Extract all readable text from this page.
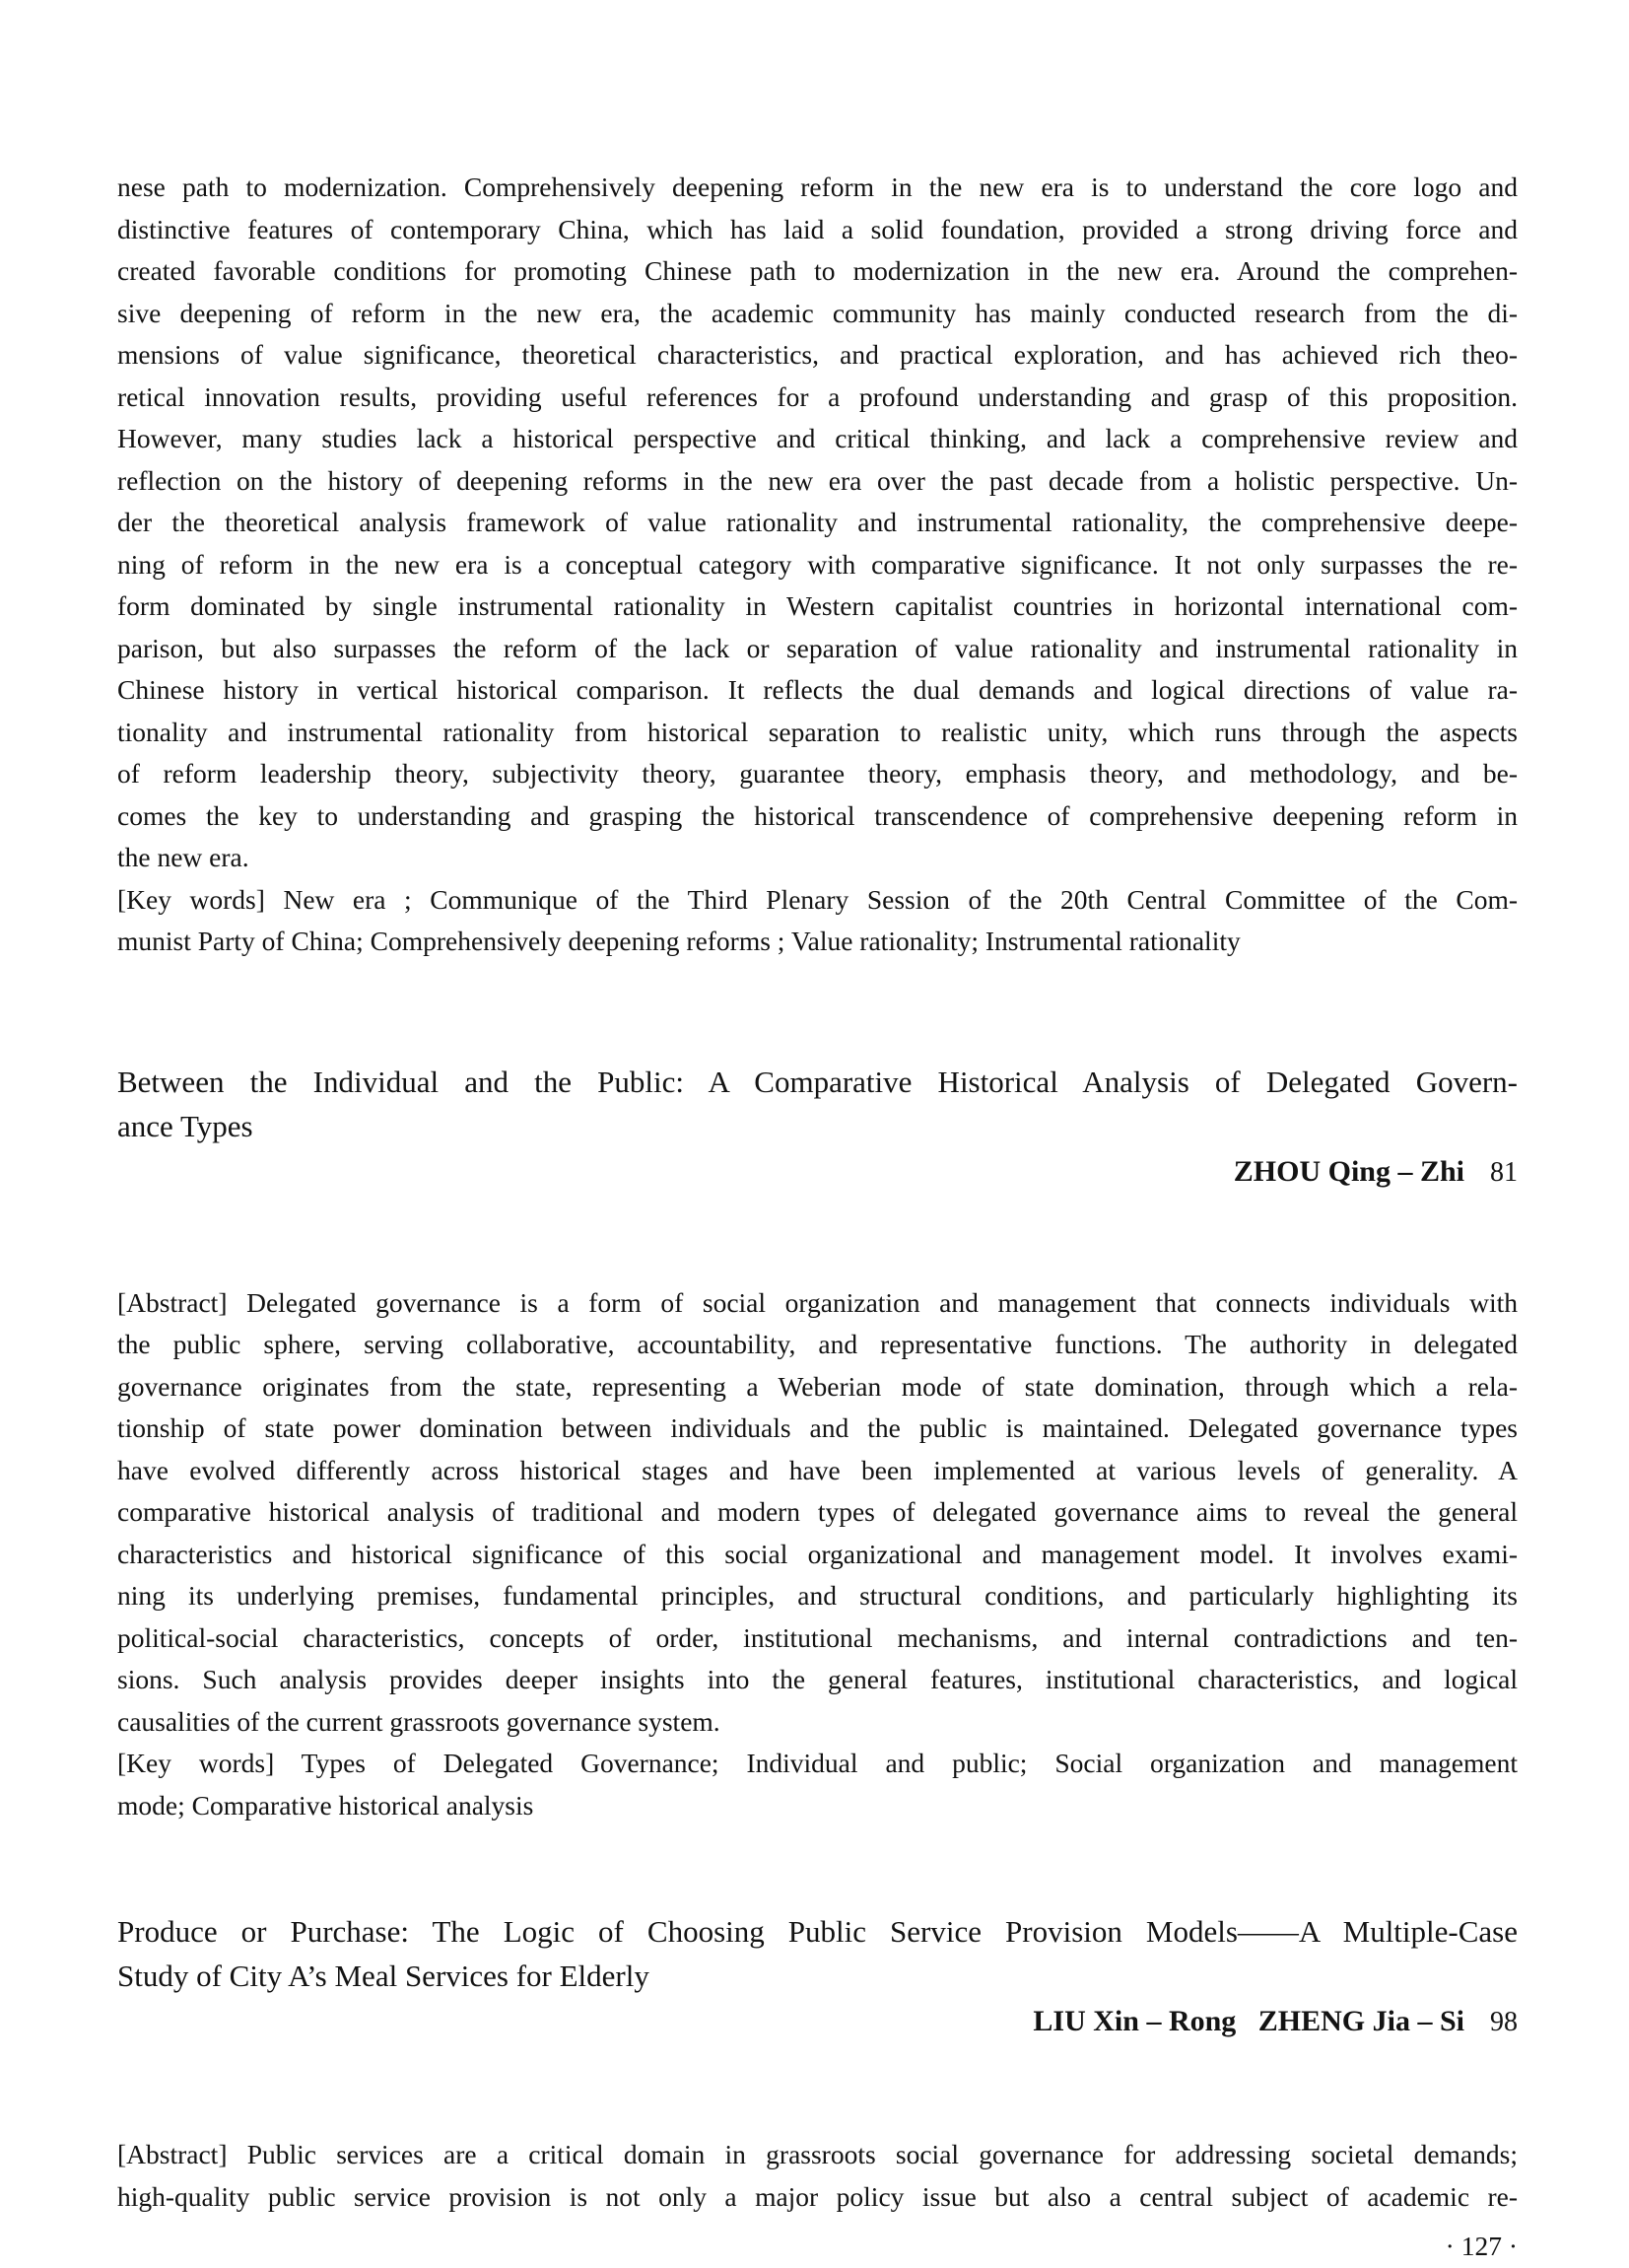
nese path to modernization. Comprehensively deepening reform in the new era is to understand the core logo and
distinctive features of contemporary China, which has laid a solid foundation, provided a strong driving force and
created favorable conditions for promoting Chinese path to modernization in the new era. Around the comprehen-
sive deepening of reform in the new era, the academic community has mainly conducted research from the di-
mensions of value significance, theoretical characteristics, and practical exploration, and has achieved rich theo-
retical innovation results, providing useful references for a profound understanding and grasp of this proposition.
However, many studies lack a historical perspective and critical thinking, and lack a comprehensive review and
reflection on the history of deepening reforms in the new era over the past decade from a holistic perspective. Un-
der the theoretical analysis framework of value rationality and instrumental rationality, the comprehensive deepe-
ning of reform in the new era is a conceptual category with comparative significance. It not only surpasses the re-
form dominated by single instrumental rationality in Western capitalist countries in horizontal international com-
parison, but also surpasses the reform of the lack or separation of value rationality and instrumental rationality in
Chinese history in vertical historical comparison. It reflects the dual demands and logical directions of value ra-
tionality and instrumental rationality from historical separation to realistic unity, which runs through the aspects
of reform leadership theory, subjectivity theory, guarantee theory, emphasis theory, and methodology, and be-
comes the key to understanding and grasping the historical transcendence of comprehensive deepening reform in
the new era.
[Key words] New era ; Communique of the Third Plenary Session of the 20th Central Committee of the Com-
munist Party of China; Comprehensively deepening reforms ; Value rationality; Instrumental rationality
Between the Individual and the Public: A Comparative Historical Analysis of Delegated Govern-
ance Types

ZHOU Qing – Zhi 81

[Abstract] Delegated governance is a form of social organization and management that connects individuals with
the public sphere, serving collaborative, accountability, and representative functions. The authority in delegated
governance originates from the state, representing a Weberian mode of state domination, through which a rela-
tionship of state power domination between individuals and the public is maintained. Delegated governance types
have evolved differently across historical stages and have been implemented at various levels of generality. A
comparative historical analysis of traditional and modern types of delegated governance aims to reveal the general
characteristics and historical significance of this social organizational and management model. It involves exami-
ning its underlying premises, fundamental principles, and structural conditions, and particularly highlighting its
political-social characteristics, concepts of order, institutional mechanisms, and internal contradictions and ten-
sions. Such analysis provides deeper insights into the general features, institutional characteristics, and logical
causalities of the current grassroots governance system.
[Key words] Types of Delegated Governance; Individual and public; Social organization and management
mode; Comparative historical analysis
Produce or Purchase: The Logic of Choosing Public Service Provision Models——A Multiple-Case
Study of City A’s Meal Services for Elderly

LIU Xin – Rong   ZHENG Jia – Si 98

[Abstract] Public services are a critical domain in grassroots social governance for addressing societal demands;
high-quality public service provision is not only a major policy issue but also a central subject of academic re-
· 127 ·
